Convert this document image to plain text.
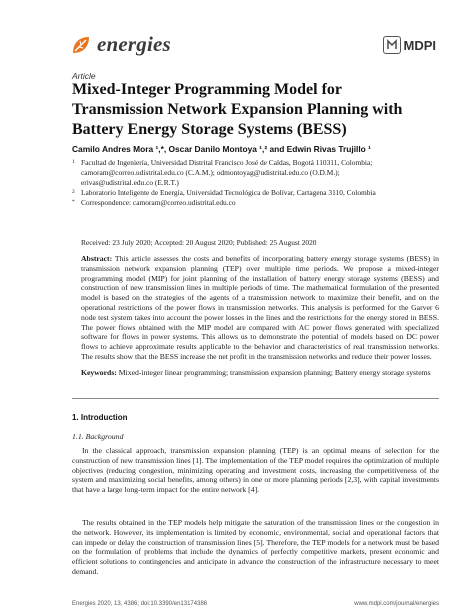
energies	MDPI
Article
Mixed-Integer Programming Model for Transmission Network Expansion Planning with Battery Energy Storage Systems (BESS)
Camilo Andres Mora ¹,*, Oscar Danilo Montoya ¹,² and Edwin Rivas Trujillo ¹
1 Facultad de Ingeniería, Universidad Distrital Francisco José de Caldas, Bogotá 110311, Colombia;
camoram@correo.udistrital.edu.co (C.A.M.); odmontoyag@udistrital.edu.co (O.D.M.);
erivas@udistrital.edu.co (E.R.T.)
2 Laboratorio Inteligente de Energía, Universidad Tecnológica de Bolívar, Cartagena 3110, Colombia
* Correspondence: camoram@correo.udistrital.edu.co
Received: 23 July 2020; Accepted: 20 August 2020; Published: 25 August 2020
Abstract: This article assesses the costs and benefits of incorporating battery energy storage systems (BESS) in transmission network expansion planning (TEP) over multiple time periods. We propose a mixed-integer programming model (MIP) for joint planning of the installation of battery energy storage systems (BESS) and construction of new transmission lines in multiple periods of time. The mathematical formulation of the presented model is based on the strategies of the agents of a transmission network to maximize their benefit, and on the operational restrictions of the power flows in transmission networks. This analysis is performed for the Garver 6 node test system takes into account the power losses in the lines and the restrictions for the energy stored in BESS. The power flows obtained with the MIP model are compared with AC power flows generated with specialized software for flows in power systems. This allows us to demonstrate the potential of models based on DC power flows to achieve approximate results applicable to the behavior and characteristics of real transmission networks. The results show that the BESS increase the net profit in the transmission networks and reduce their power losses.
Keywords: Mixed-integer linear programming; transmission expansion planning; Battery energy storage systems
1. Introduction
1.1. Background
In the classical approach, transmission expansion planning (TEP) is an optimal means of selection for the construction of new transmission lines [1]. The implementation of the TEP model requires the optimization of multiple objectives (reducing congestion, minimizing operating and investment costs, increasing the competitiveness of the system and maximizing social benefits, among others) in one or more planning periods [2,3], with capital investments that have a large long-term impact for the entire network [4].
The results obtained in the TEP models help mitigate the saturation of the transmission lines or the congestion in the network. However, its implementation is limited by economic, environmental, social and operational factors that can impede or delay the construction of transmission lines [5]. Therefore, the TEP models for a network must be based on the formulation of problems that include the dynamics of perfectly competitive markets, present economic and efficient solutions to contingencies and anticipate in advance the construction of the infrastructure necessary to meet demand.
Energies 2020, 13, 4386; doi:10.3390/en13174386	www.mdpi.com/journal/energies
